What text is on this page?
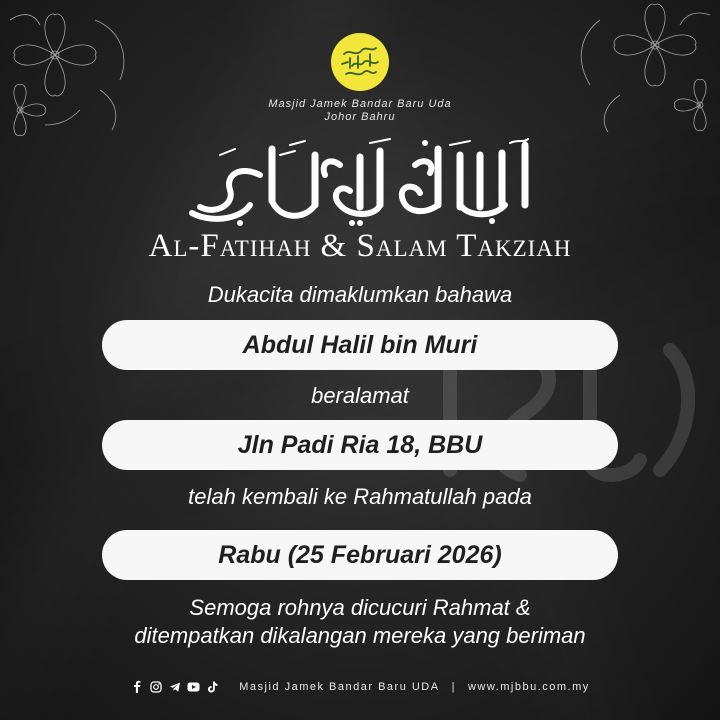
Masjid Jamek Bandar Baru Uda
Johor Bahru
Al-Fatihah & Salam Takziah
Dukacita dimaklumkan bahawa
Abdul Halil bin Muri
beralamat
Jln Padi Ria 18, BBU
telah kembali ke Rahmatullah pada
Rabu (25 Februari 2026)
Semoga rohnya dicucuri Rahmat &
ditempatkan dikalangan mereka yang beriman
Masjid Jamek Bandar Baru UDA | www.mjbbu.com.my
